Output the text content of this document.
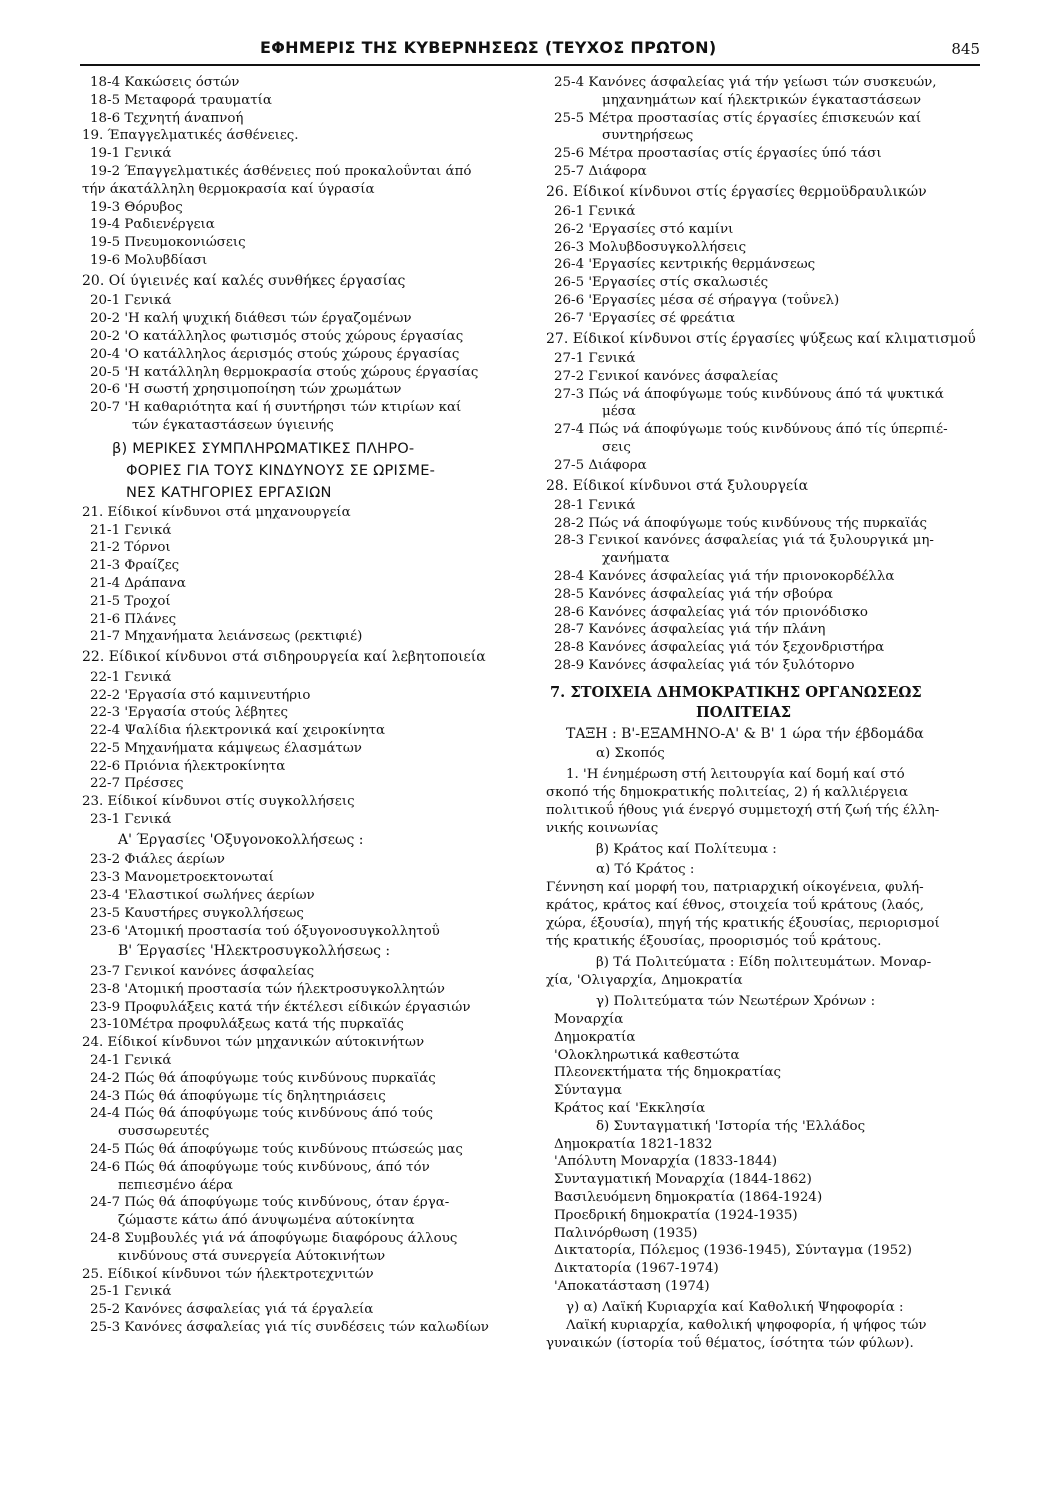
ΕΦΗΜΕΡΙΣ ΤΗΣ ΚΥΒΕΡΝΗΣΕΩΣ (ΤΕΥΧΟΣ ΠΡΩΤΟΝ)	845
18-4 Κακώσεις όστών
18-5 Μεταφορά τραυματία
18-6 Τεχνητή άναπνοή
19. Έπαγγελματικές άσθένειες.
19-1 Γενικά
19-2 Έπαγγελματικές άσθένειες πού προκαλοΰνται άπό
τήν άκατάλληλη θερμοκρασία καί ύγρασία
19-3 Θόρυβος
19-4 Ραδιενέργεια
19-5 Πνευμοκονιώσεις
19-6 Μολυβδίασι
20. Οί ύγιεινές καί καλές συνθήκες έργασίας
20-1 Γενικά
20-2 'Η καλή ψυχική διάθεσι τών έργαζομένων
20-2 'Ο κατάλληλος φωτισμός στούς χώρους έργασίας
20-4 'Ο κατάλληλος άερισμός στούς χώρους έργασίας
20-5 'Η κατάλληλη θερμοκρασία στούς χώρους έργασίας
20-6 'Η σωστή χρησιμοποίηση τών χρωμάτων
20-7 'Η καθαριότητα καί ή συντήρησι τών κτιρίων καί
τών έγκαταστάσεων ύγιεινής
β) ΜΕΡΙΚΕΣ ΣΥΜΠΛΗΡΩΜΑΤΙΚΕΣ ΠΛΗΡΟ-
ΦΟΡΙΕΣ ΓΙΑ ΤΟΥΣ ΚΙΝΔΥΝΟΥΣ ΣΕ ΩΡΙΣΜΕ-
ΝΕΣ ΚΑΤΗΓΟΡΙΕΣ ΕΡΓΑΣΙΩΝ
21. Είδικοί κίνδυνοι στά μηχανουργεία
21-1 Γενικά
21-2 Τόρνοι
21-3 Φραίζες
21-4 Δράπανα
21-5 Τροχοί
21-6 Πλάνες
21-7 Μηχανήματα λειάνσεως (ρεκτιφιέ)
22. Είδικοί κίνδυνοι στά σιδηρουργεία καί λεβητοποιεία
22-1 Γενικά
22-2 'Εργασία στό καμινευτήριο
22-3 'Εργασία στούς λέβητες
22-4 Ψαλίδια ήλεκτρονικά καί χειροκίνητα
22-5 Μηχανήματα κάμψεως έλασμάτων
22-6 Πριόνια ήλεκτροκίνητα
22-7 Πρέσσες
23. Είδικοί κίνδυνοι στίς συγκολλήσεις
23-1 Γενικά
Α' Έργασίες 'Οξυγονοκολλήσεως :
23-2 Φιάλες άερίων
23-3 Μανομετροεκτονωταί
23-4 'Ελαστικοί σωλήνες άερίων
23-5 Καυστήρες συγκολλήσεως
23-6 'Ατομική προστασία τού όξυγονοσυγκολλητοΰ
Β' Έργασίες 'Ηλεκτροσυγκολλήσεως :
23-7 Γενικοί κανόνες άσφαλείας
23-8 'Ατομική προστασία τών ήλεκτροσυγκολλητών
23-9 Προφυλάξεις κατά τήν έκτέλεσι είδικών έργασιών
23-10Μέτρα προφυλάξεως κατά τής πυρκαϊάς
24. Είδικοί κίνδυνοι τών μηχανικών αύτοκινήτων
24-1 Γενικά
24-2 Πώς θά άποφύγωμε τούς κινδύνους πυρκαϊάς
24-3 Πώς θά άποφύγωμε τίς δηλητηριάσεις
24-4 Πώς θά άποφύγωμε τούς κινδύνους άπό τούς
συσσωρευτές
24-5 Πώς θά άποφύγωμε τούς κινδύνους πτώσεώς μας
24-6 Πώς θά άποφύγωμε τούς κινδύνους, άπό τόν
πεπιεσμένο άέρα
24-7 Πώς θά άποφύγωμε τούς κινδύνους, όταν έργα-
ζώμαστε κάτω άπό άνυψωμένα αύτοκίνητα
24-8 Συμβουλές γιά νά άποφύγωμε διαφόρους άλλους
κινδύνους στά συνεργεία Αύτοκινήτων
25. Είδικοί κίνδυνοι τών ήλεκτροτεχνιτών
25-1 Γενικά
25-2 Κανόνες άσφαλείας γιά τά έργαλεία
25-3 Κανόνες άσφαλείας γιά τίς συνδέσεις τών καλωδίων
25-4 Κανόνες άσφαλείας γιά τήν γείωσι τών συσκευών,
μηχανημάτων καί ήλεκτρικών έγκαταστάσεων
25-5 Μέτρα προστασίας στίς έργασίες έπισκευών καί
συντηρήσεως
25-6 Μέτρα προστασίας στίς έργασίες ύπό τάσι
25-7 Διάφορα
26. Είδικοί κίνδυνοι στίς έργασίες θερμοϋδραυλικών
26-1 Γενικά
26-2 'Εργασίες στό καμίνι
26-3 Μολυβδοσυγκολλήσεις
26-4 'Εργασίες κεντρικής θερμάνσεως
26-5 'Εργασίες στίς σκαλωσιές
26-6 'Εργασίες μέσα σέ σήραγγα (τοΰνελ)
26-7 'Εργασίες σέ φρεάτια
27. Είδικοί κίνδυνοι στίς έργασίες ψύξεως καί κλιματισμοΰ
27-1 Γενικά
27-2 Γενικοί κανόνες άσφαλείας
27-3 Πώς νά άποφύγωμε τούς κινδύνους άπό τά ψυκτικά
μέσα
27-4 Πώς νά άποφύγωμε τούς κινδύνους άπό τίς ύπερπιέ-
σεις
27-5 Διάφορα
28. Είδικοί κίνδυνοι στά ξυλουργεία
28-1 Γενικά
28-2 Πώς νά άποφύγωμε τούς κινδύνους τής πυρκαϊάς
28-3 Γενικοί κανόνες άσφαλείας γιά τά ξυλουργικά μη-
χανήματα
28-4 Κανόνες άσφαλείας γιά τήν πριονοκορδέλλα
28-5 Κανόνες άσφαλείας γιά τήν σβούρα
28-6 Κανόνες άσφαλείας γιά τόν πριονόδισκο
28-7 Κανόνες άσφαλείας γιά τήν πλάνη
28-8 Κανόνες άσφαλείας γιά τόν ξεχονδριστήρα
28-9 Κανόνες άσφαλείας γιά τόν ξυλότορνο
7. ΣΤΟΙΧΕΙΑ ΔΗΜΟΚΡΑΤΙΚΗΣ ΟΡΓΑΝΩΣΕΩΣ
ΠΟΛΙΤΕΙΑΣ
ΤΑΞΗ : Β'-ΕΞΑΜΗΝΟ-Α' & Β' 1 ώρα τήν έβδομάδα
α) Σκοπός
1. 'Η ένημέρωση στή λειτουργία καί δομή καί στό
σκοπό τής δημοκρατικής πολιτείας, 2) ή καλλιέργεια
πολιτικοΰ ήθους γιά ένεργό συμμετοχή στή ζωή τής έλλη-
νικής κοινωνίας
β) Κράτος καί Πολίτευμα :
α) Τό Κράτος :
Γέννηση καί μορφή του, πατριαρχική οίκογένεια, φυλή-
κράτος, κράτος καί έθνος, στοιχεία τοΰ κράτους (λαός,
χώρα, έξουσία), πηγή τής κρατικής έξουσίας, περιορισμοί
τής κρατικής έξουσίας, προορισμός τοΰ κράτους.
β) Τά Πολιτεύματα : Είδη πολιτευμάτων. Μοναρ-
χία, 'Ολιγαρχία, Δημοκρατία
γ) Πολιτεύματα τών Νεωτέρων Χρόνων :
Μοναρχία
Δημοκρατία
'Ολοκληρωτικά καθεστώτα
Πλεονεκτήματα τής δημοκρατίας
Σύνταγμα
Κράτος καί 'Εκκλησία
δ) Συνταγματική 'Ιστορία τής 'Ελλάδος
Δημοκρατία 1821-1832
'Απόλυτη Μοναρχία (1833-1844)
Συνταγματική Μοναρχία (1844-1862)
Βασιλευόμενη δημοκρατία (1864-1924)
Προεδρική δημοκρατία (1924-1935)
Παλινόρθωση (1935)
Δικτατορία, Πόλεμος (1936-1945), Σύνταγμα (1952)
Δικτατορία (1967-1974)
'Αποκατάσταση (1974)
γ) α) Λαϊκή Κυριαρχία καί Καθολική Ψηφοφορία :
Λαϊκή κυριαρχία, καθολική ψηφοφορία, ή ψήφος τών
γυναικών (ίστορία τοΰ θέματος, ίσότητα τών φύλων).
